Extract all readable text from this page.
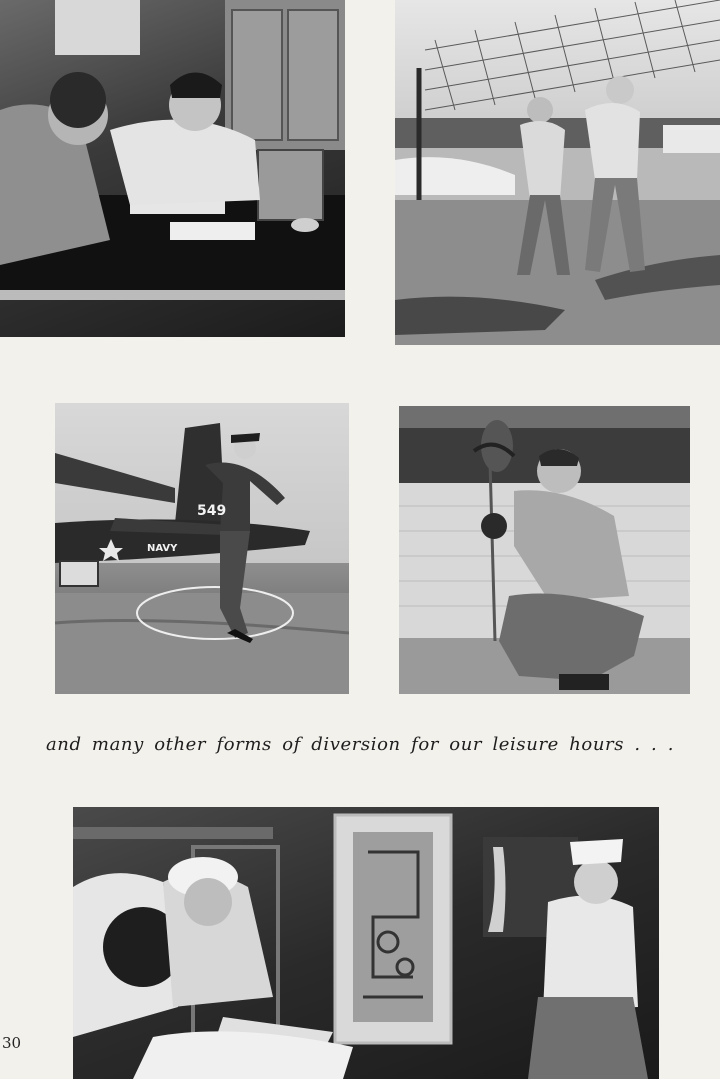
549
NAVY
and many other forms of diversion for our leisure hours . . .
30
